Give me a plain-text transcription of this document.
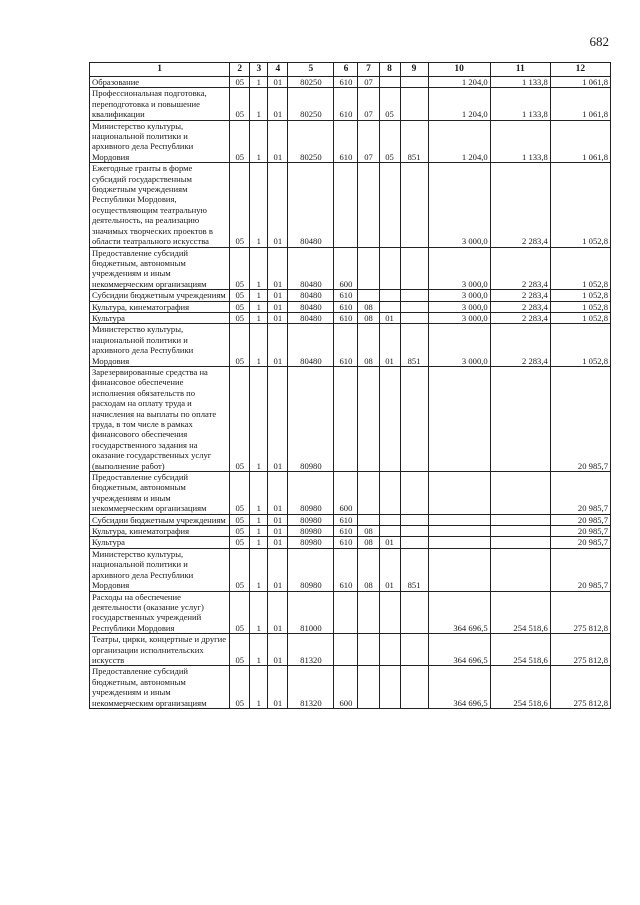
682
1	2	3	4	5	6	7	8	9	10	11	12
Образование	05	1	01	80250	610	07			1 204,0	1 133,8	1 061,8
Профессиональная подготовка, переподготовка и повышение квалификации	05	1	01	80250	610	07	05		1 204,0	1 133,8	1 061,8
Министерство культуры, национальной политики и архивного дела Республики Мордовия	05	1	01	80250	610	07	05	851	1 204,0	1 133,8	1 061,8
Ежегодные гранты в форме субсидий государственным бюджетным учреждениям Республики Мордовия, осуществляющим театральную деятельность, на реализацию значимых творческих проектов в области театрального искусства	05	1	01	80480					3 000,0	2 283,4	1 052,8
Предоставление субсидий бюджетным, автономным учреждениям и иным некоммерческим организациям	05	1	01	80480	600				3 000,0	2 283,4	1 052,8
Субсидии бюджетным учреждениям	05	1	01	80480	610				3 000,0	2 283,4	1 052,8
Культура, кинематография	05	1	01	80480	610	08			3 000,0	2 283,4	1 052,8
Культура	05	1	01	80480	610	08	01		3 000,0	2 283,4	1 052,8
Министерство культуры, национальной политики и архивного дела Республики Мордовия	05	1	01	80480	610	08	01	851	3 000,0	2 283,4	1 052,8
Зарезервированные средства на финансовое обеспечение исполнения обязательств по расходам на оплату труда и начисления на выплаты по оплате труда, в том числе в рамках финансового обеспечения государственного задания на оказание государственных услуг (выполнение работ)	05	1	01	80980							20 985,7
Предоставление субсидий бюджетным, автономным учреждениям и иным некоммерческим организациям	05	1	01	80980	600						20 985,7
Субсидии бюджетным учреждениям	05	1	01	80980	610						20 985,7
Культура, кинематография	05	1	01	80980	610	08					20 985,7
Культура	05	1	01	80980	610	08	01				20 985,7
Министерство культуры, национальной политики и архивного дела Республики Мордовия	05	1	01	80980	610	08	01	851			20 985,7
Расходы на обеспечение деятельности (оказание услуг) государственных учреждений Республики Мордовия	05	1	01	81000					364 696,5	254 518,6	275 812,8
Театры, цирки, концертные и другие организации исполнительских искусств	05	1	01	81320					364 696,5	254 518,6	275 812,8
Предоставление субсидий бюджетным, автономным учреждениям и иным некоммерческим организациям	05	1	01	81320	600				364 696,5	254 518,6	275 812,8
